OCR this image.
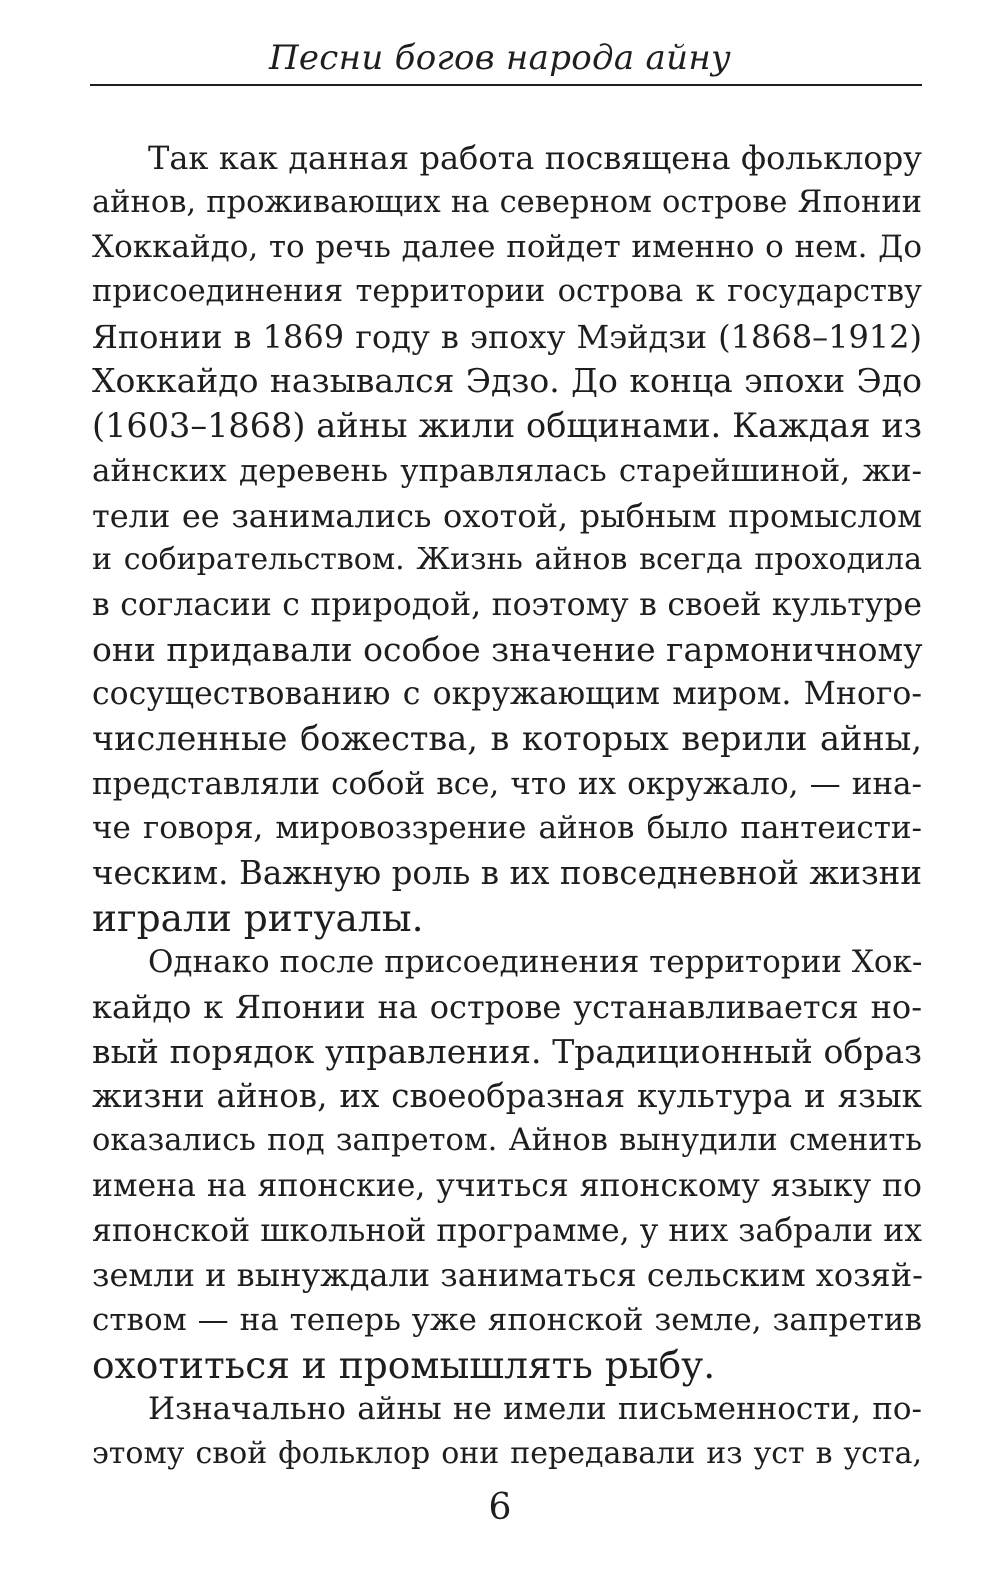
Песни богов народа айну
Так как данная работа посвящена фольклору
айнов, проживающих на северном острове Японии
Хоккайдо, то речь далее пойдет именно о нем. До
присоединения территории острова к государству
Японии в 1869 году в эпоху Мэйдзи (1868–1912)
Хоккайдо назывался Эдзо. До конца эпохи Эдо
(1603–1868) айны жили общинами. Каждая из
айнских деревень управлялась старейшиной, жи-
тели ее занимались охотой, рыбным промыслом
и собирательством. Жизнь айнов всегда проходила
в согласии с природой, поэтому в своей культуре
они придавали особое значение гармоничному
сосуществованию с окружающим миром. Много-
численные божества, в которых верили айны,
представляли собой все, что их окружало, — ина-
че говоря, мировоззрение айнов было пантеисти-
ческим. Важную роль в их повседневной жизни
играли ритуалы.
Однако после присоединения территории Хок-
кайдо к Японии на острове устанавливается но-
вый порядок управления. Традиционный образ
жизни айнов, их своеобразная культура и язык
оказались под запретом. Айнов вынудили сменить
имена на японские, учиться японскому языку по
японской школьной программе, у них забрали их
земли и вынуждали заниматься сельским хозяй-
ством — на теперь уже японской земле, запретив
охотиться и промышлять рыбу.
Изначально айны не имели письменности, по-
этому свой фольклор они передавали из уст в уста,
6
